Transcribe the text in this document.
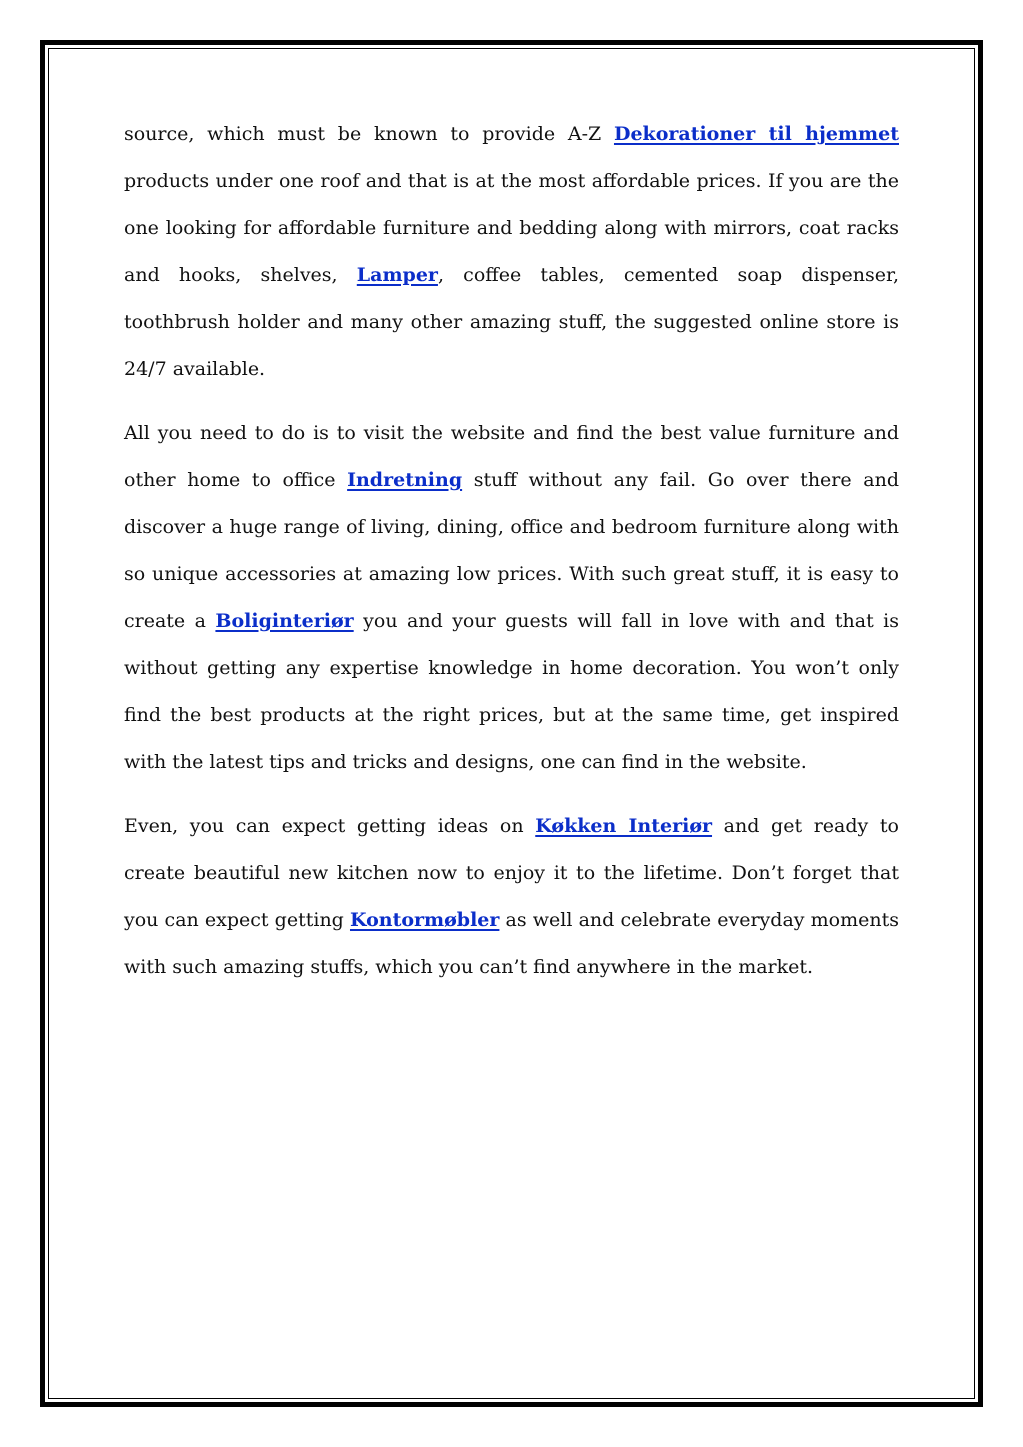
source, which must be known to provide A-Z Dekorationer til hjemmet products under one roof and that is at the most affordable prices. If you are the one looking for affordable furniture and bedding along with mirrors, coat racks and hooks, shelves, Lamper, coffee tables, cemented soap dispenser, toothbrush holder and many other amazing stuff, the suggested online store is 24/7 available.

All you need to do is to visit the website and find the best value furniture and other home to office Indretning stuff without any fail. Go over there and discover a huge range of living, dining, office and bedroom furniture along with so unique accessories at amazing low prices. With such great stuff, it is easy to create a Boliginteriør you and your guests will fall in love with and that is without getting any expertise knowledge in home decoration. You won’t only find the best products at the right prices, but at the same time, get inspired with the latest tips and tricks and designs, one can find in the website.

Even, you can expect getting ideas on Køkken Interiør and get ready to create beautiful new kitchen now to enjoy it to the lifetime. Don’t forget that you can expect getting Kontormøbler as well and celebrate everyday moments with such amazing stuffs, which you can’t find anywhere in the market.
